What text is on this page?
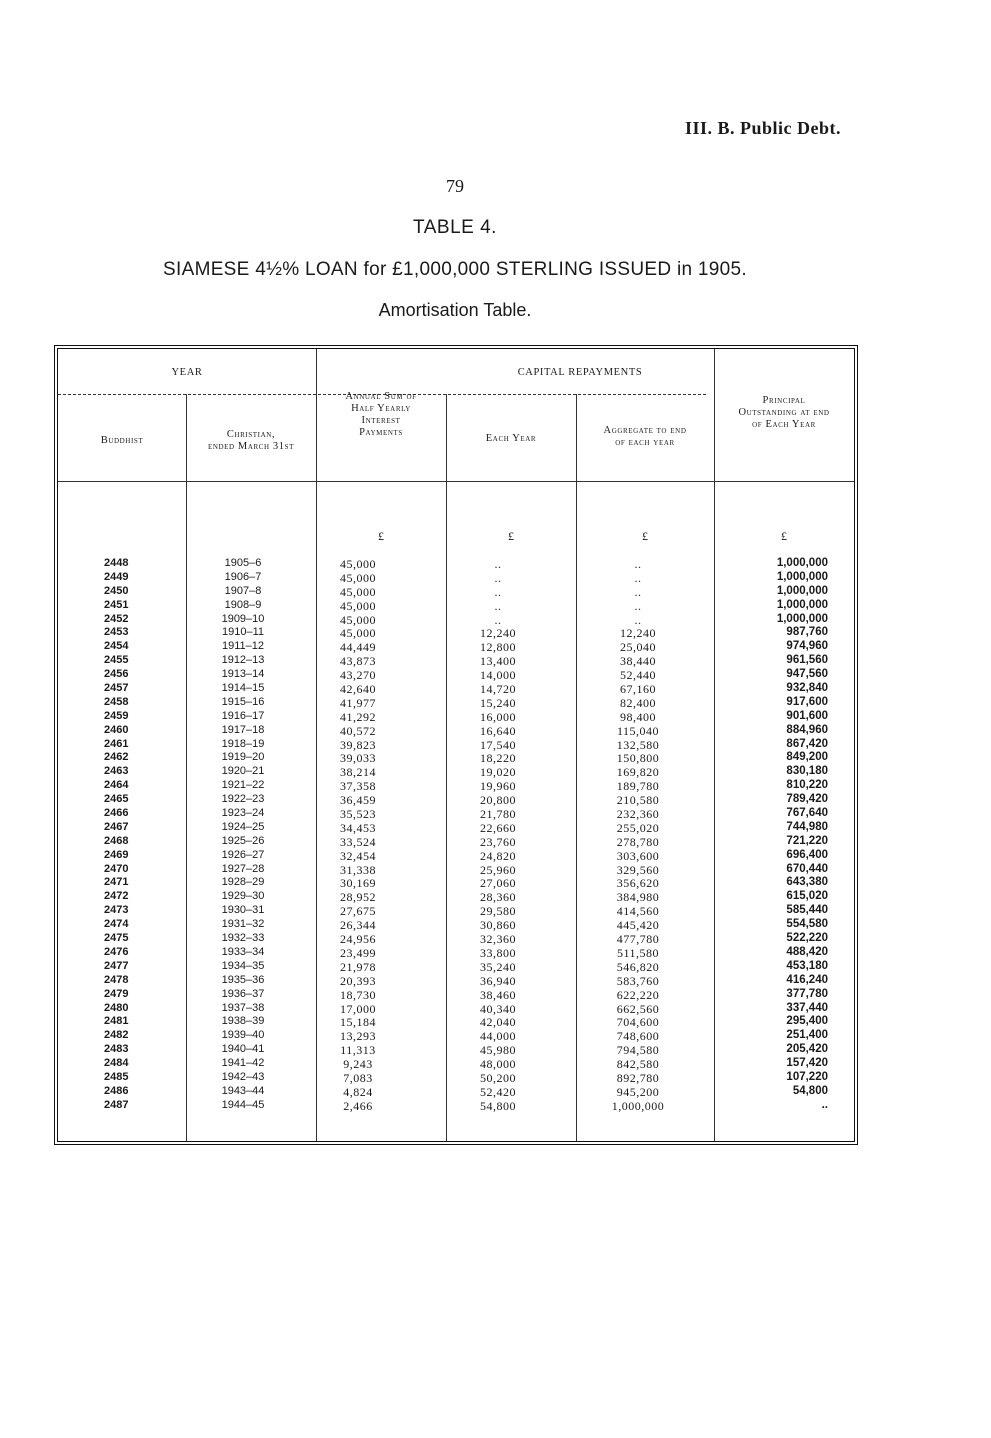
III. B. Public Debt.
79
TABLE 4.
SIAMESE 4½% LOAN for £1,000,000 STERLING ISSUED in 1905.
Amortisation Table.
YEAR	CAPITAL REPAYMENTS
Buddhist
Christian,
ended March 31st
Annual Sum of
Half Yearly
Interest
Payments
Each Year
Aggregate to end
of each year
Principal
Outstanding at end
of Each Year
£	£	£	£
2448	1905–6	45,000	..	..	1,000,000
2449	1906–7	45,000	..	..	1,000,000
2450	1907–8	45,000	..	..	1,000,000
2451	1908–9	45,000	..	..	1,000,000
2452	1909–10	45,000	..	..	1,000,000
2453	1910–11	45,000	12,240	12,240	987,760
2454	1911–12	44,449	12,800	25,040	974,960
2455	1912–13	43,873	13,400	38,440	961,560
2456	1913–14	43,270	14,000	52,440	947,560
2457	1914–15	42,640	14,720	67,160	932,840
2458	1915–16	41,977	15,240	82,400	917,600
2459	1916–17	41,292	16,000	98,400	901,600
2460	1917–18	40,572	16,640	115,040	884,960
2461	1918–19	39,823	17,540	132,580	867,420
2462	1919–20	39,033	18,220	150,800	849,200
2463	1920–21	38,214	19,020	169,820	830,180
2464	1921–22	37,358	19,960	189,780	810,220
2465	1922–23	36,459	20,800	210,580	789,420
2466	1923–24	35,523	21,780	232,360	767,640
2467	1924–25	34,453	22,660	255,020	744,980
2468	1925–26	33,524	23,760	278,780	721,220
2469	1926–27	32,454	24,820	303,600	696,400
2470	1927–28	31,338	25,960	329,560	670,440
2471	1928–29	30,169	27,060	356,620	643,380
2472	1929–30	28,952	28,360	384,980	615,020
2473	1930–31	27,675	29,580	414,560	585,440
2474	1931–32	26,344	30,860	445,420	554,580
2475	1932–33	24,956	32,360	477,780	522,220
2476	1933–34	23,499	33,800	511,580	488,420
2477	1934–35	21,978	35,240	546,820	453,180
2478	1935–36	20,393	36,940	583,760	416,240
2479	1936–37	18,730	38,460	622,220	377,780
2480	1937–38	17,000	40,340	662,560	337,440
2481	1938–39	15,184	42,040	704,600	295,400
2482	1939–40	13,293	44,000	748,600	251,400
2483	1940–41	11,313	45,980	794,580	205,420
2484	1941–42	9,243	48,000	842,580	157,420
2485	1942–43	7,083	50,200	892,780	107,220
2486	1943–44	4,824	52,420	945,200	54,800
2487	1944–45	2,466	54,800	1,000,000	..
